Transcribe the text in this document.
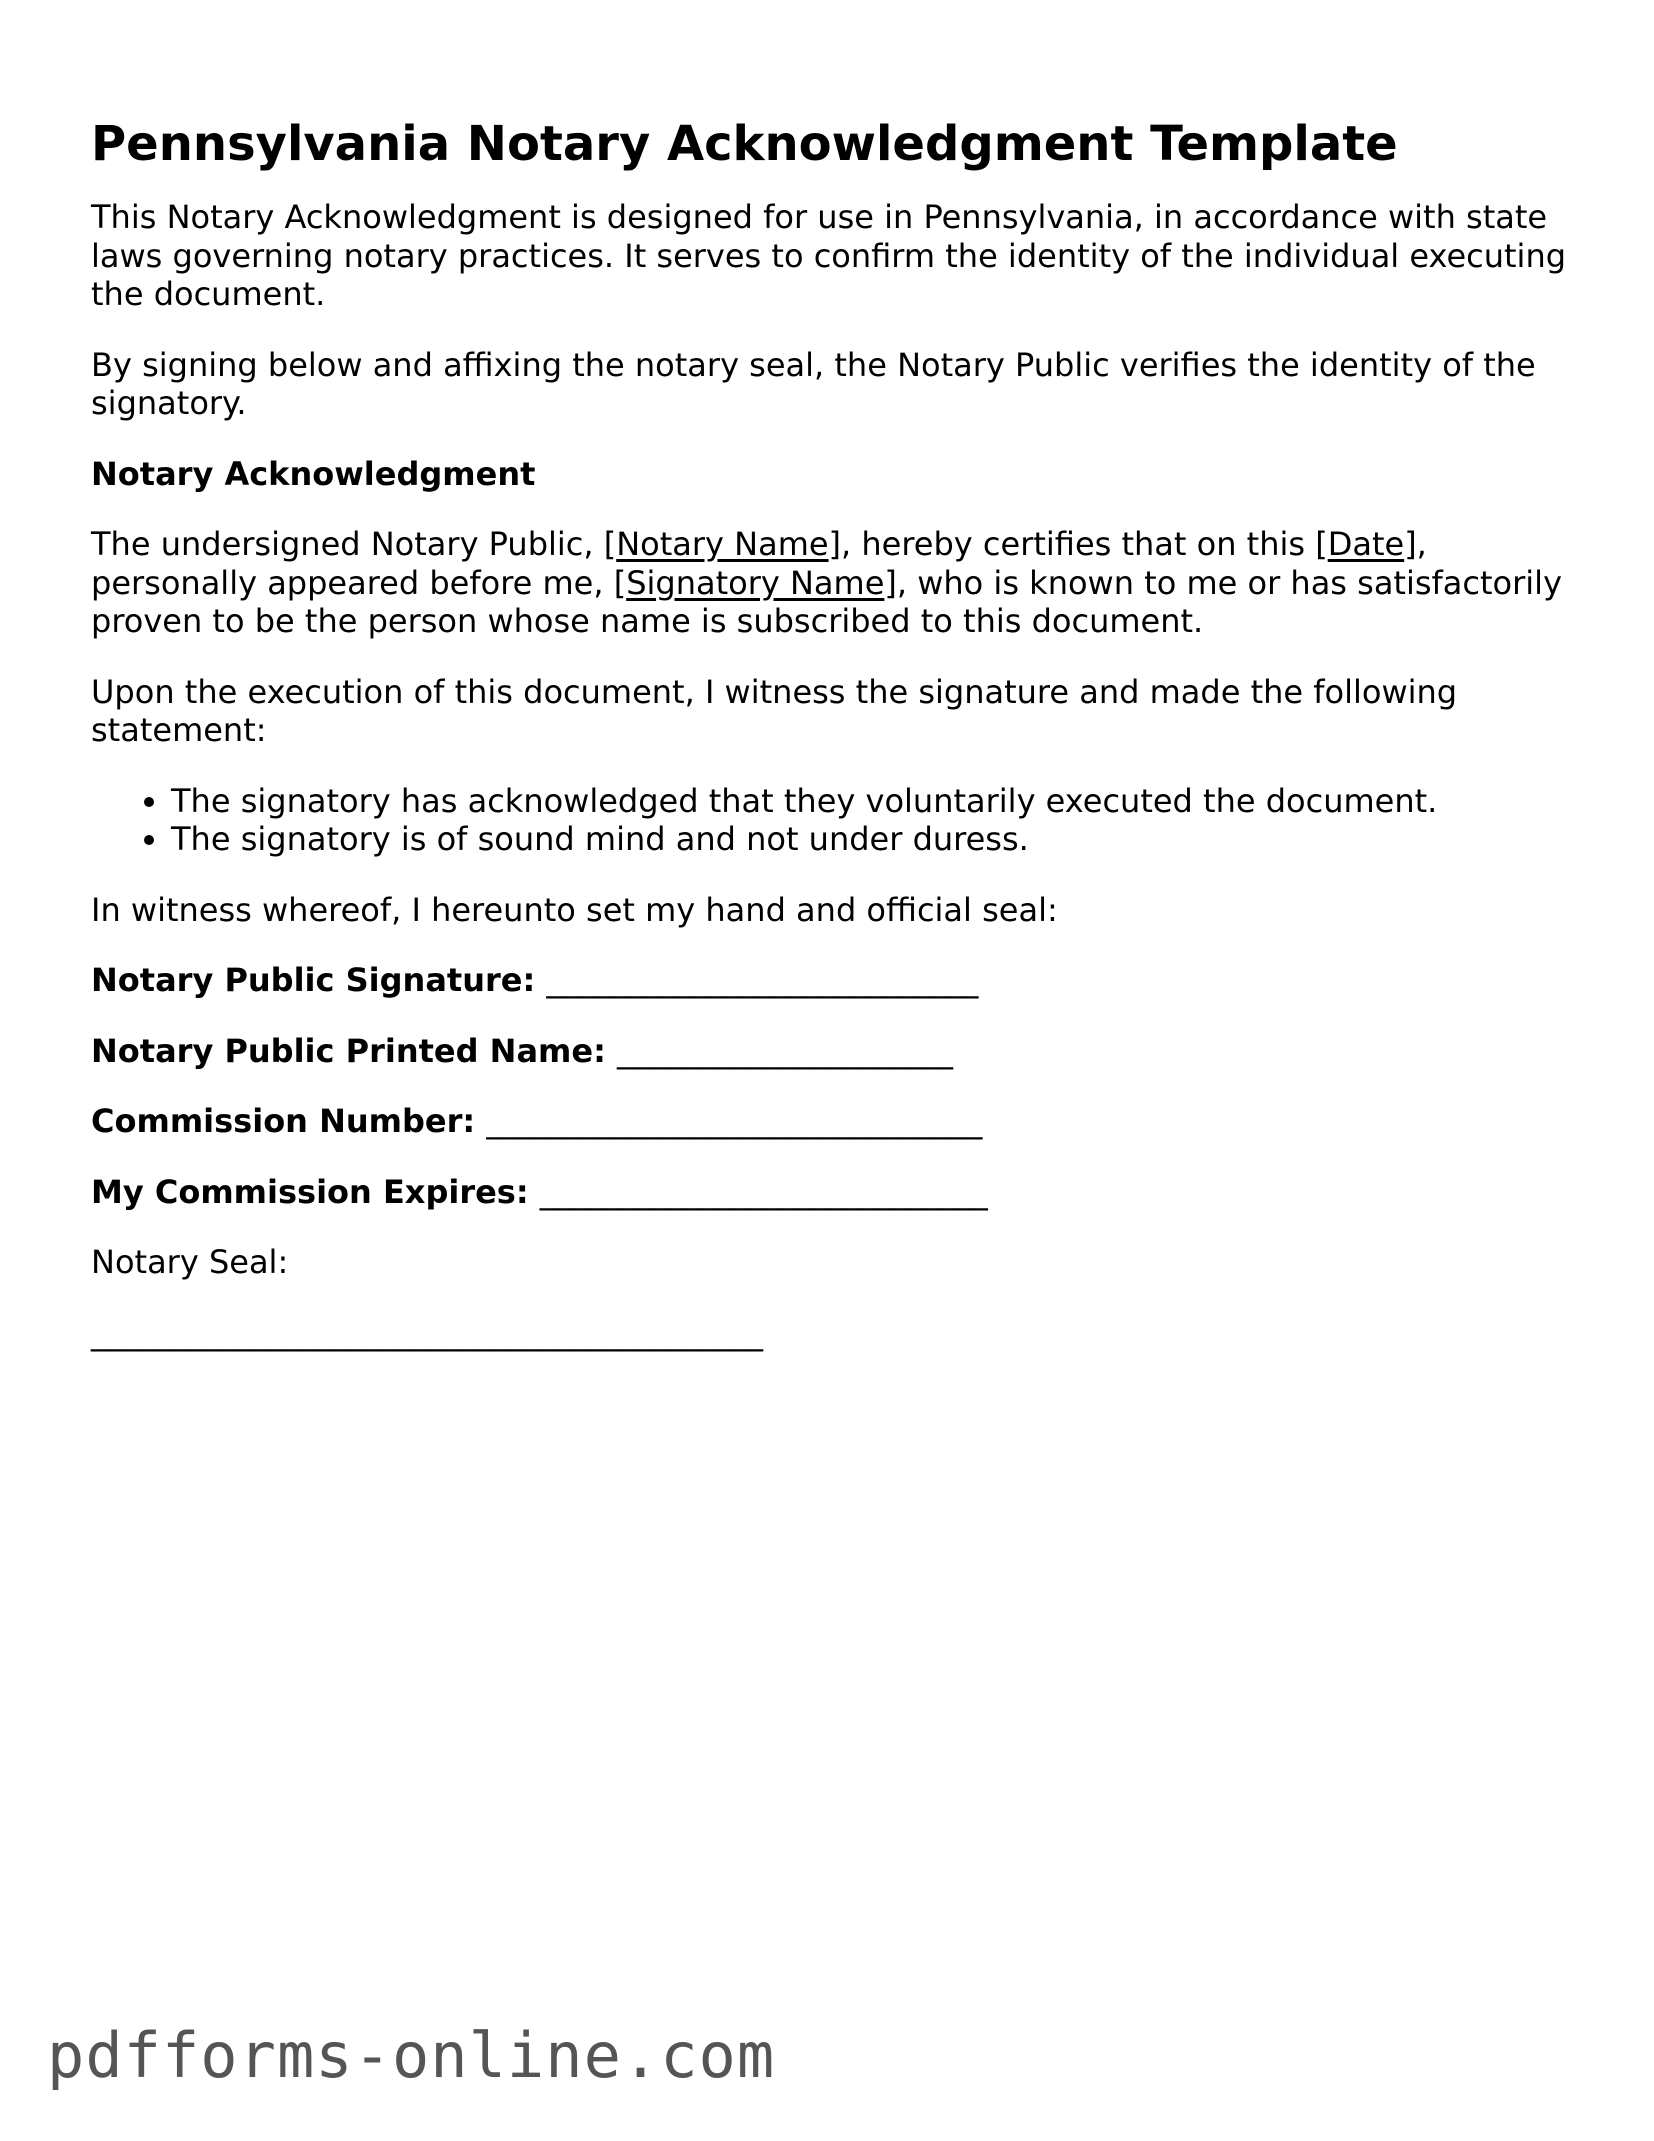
Pennsylvania Notary Acknowledgment Template

This Notary Acknowledgment is designed for use in Pennsylvania, in accordance with state laws governing notary practices. It serves to confirm the identity of the individual executing the document.

By signing below and affixing the notary seal, the Notary Public verifies the identity of the signatory.

Notary Acknowledgment

The undersigned Notary Public, [Notary Name], hereby certifies that on this [Date], personally appeared before me, [Signatory Name], who is known to me or has satisfactorily proven to be the person whose name is subscribed to this document.

Upon the execution of this document, I witness the signature and made the following statement:

• The signatory has acknowledged that they voluntarily executed the document.
• The signatory is of sound mind and not under duress.

In witness whereof, I hereunto set my hand and official seal:

Notary Public Signature: ___________________________

Notary Public Printed Name: _____________________

Commission Number: _______________________________

My Commission Expires: ____________________________

Notary Seal:

__________________________________________

pdfforms-online.com
